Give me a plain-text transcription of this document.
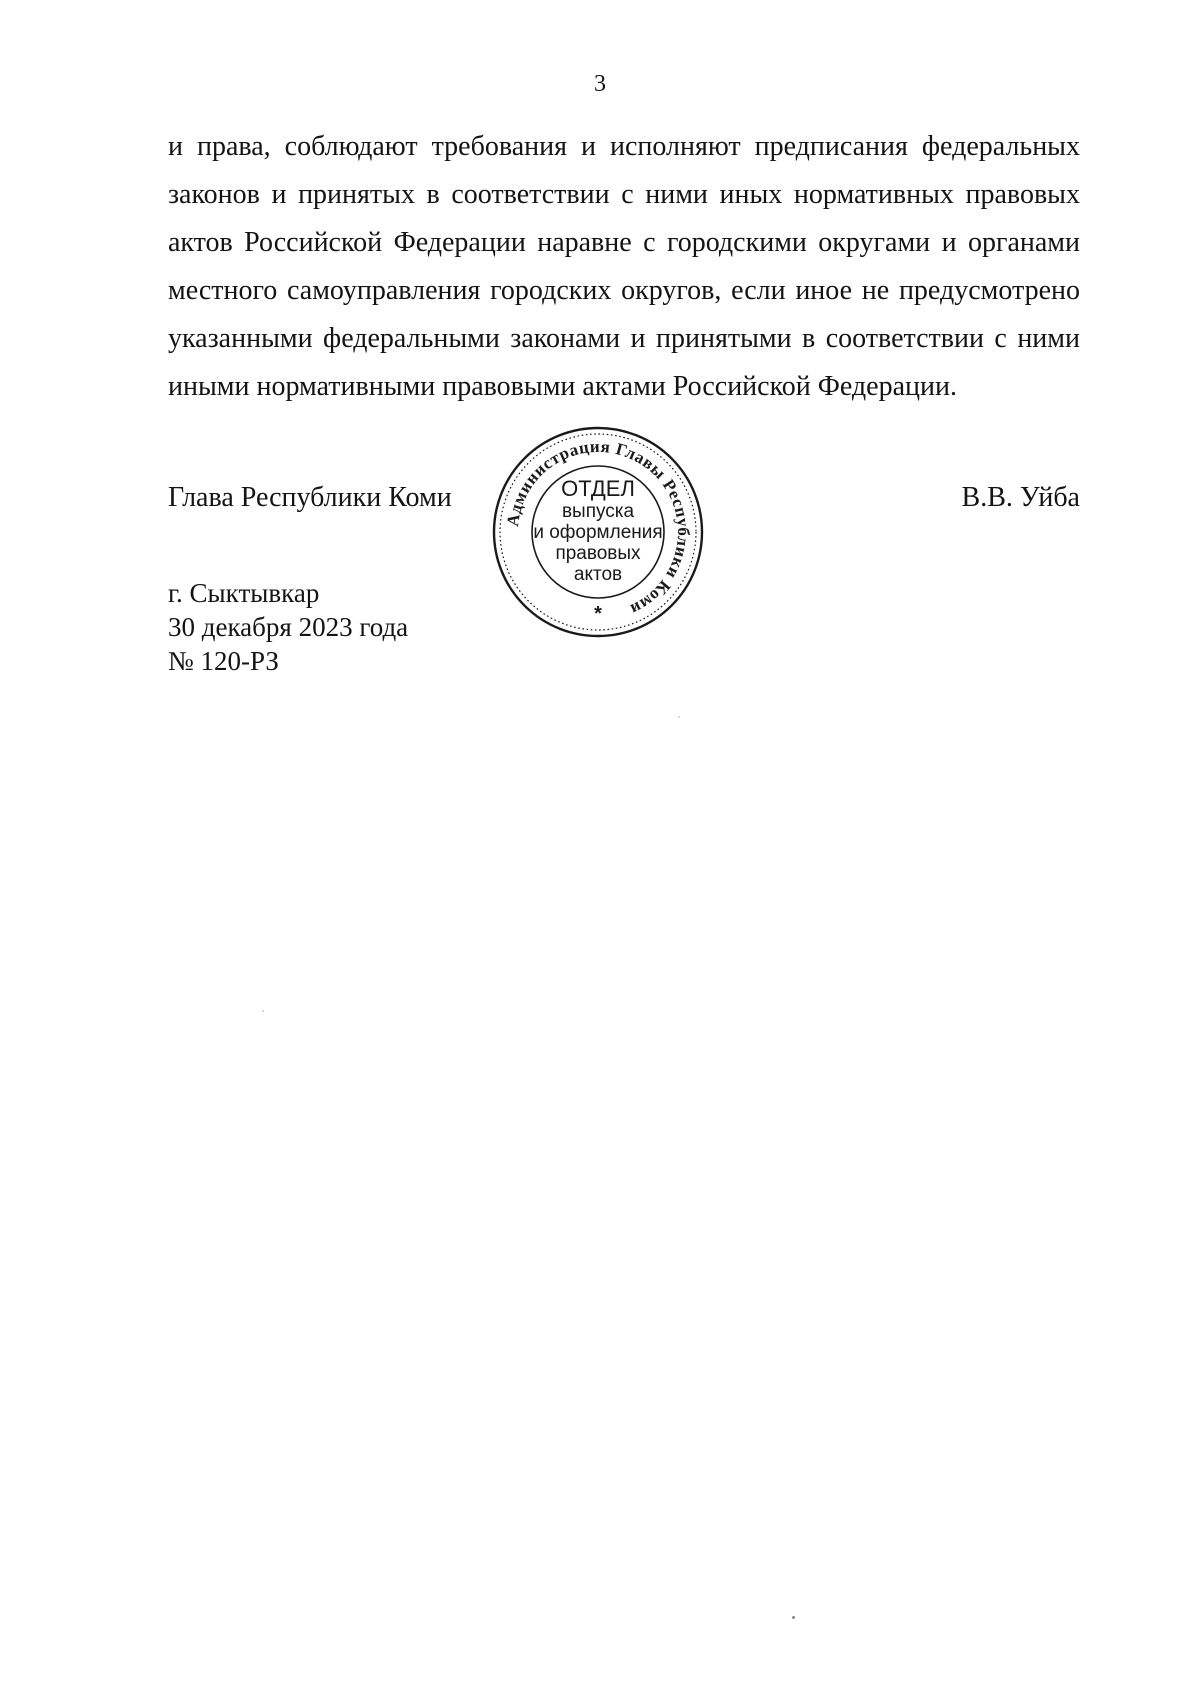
3
и права, соблюдают требования и исполняют предписания федеральных
законов и принятых в соответствии с ними иных нормативных правовых
актов Российской Федерации наравне с городскими округами и органами
местного самоуправления городских округов, если иное не предусмотрено
указанными федеральными законами и принятыми в соответствии с ними
иными нормативными правовыми актами Российской Федерации.
Глава Республики Коми
Администрация Главы Республики Коми
ОТДЕЛ
выпуска
и оформления
правовых
актов
*
В.В. Уйба
г. Сыктывкар
30 декабря 2023 года
№ 120-РЗ
